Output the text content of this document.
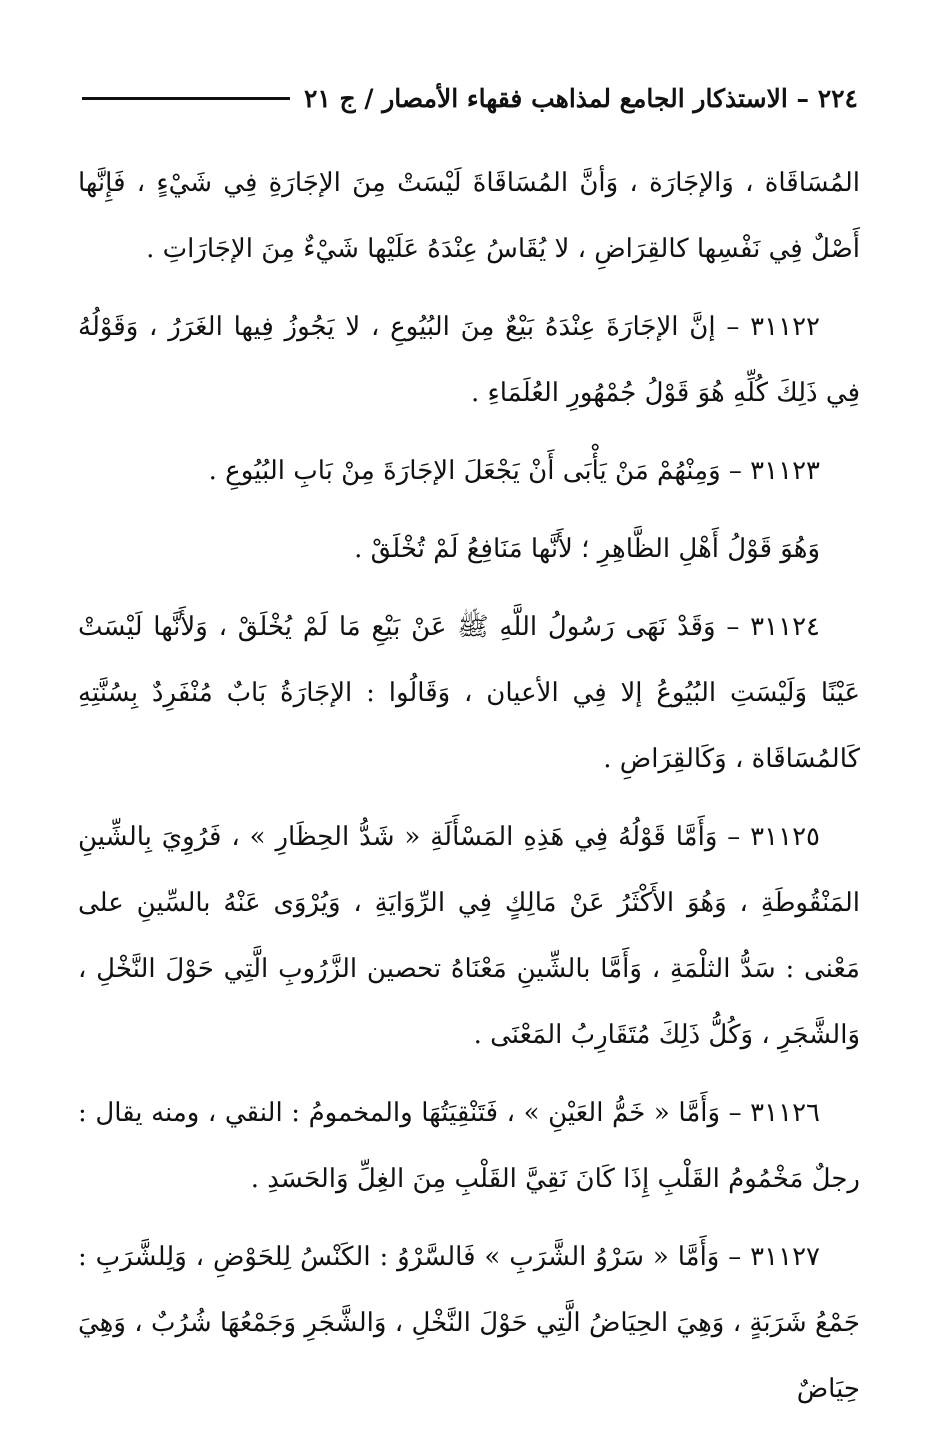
٢٢٤ – الاستذكار الجامع لمذاهب فقهاء الأمصار / ج ٢١

المُسَاقَاة ، وَالإجَارَة ، وَأنَّ المُسَاقَاةَ لَيْسَتْ مِنَ الإجَارَةِ فِي شَيْءٍ ، فَإِنَّها أَصْلٌ فِي نَفْسِها كالقِرَاضِ ، لا يُقَاسُ عِنْدَهُ عَلَيْها شَيْءٌ مِنَ الإجَارَاتِ .

٣١١٢٢ – إنَّ الإجَارَةَ عِنْدَهُ بَيْعٌ مِنَ البُيُوعِ ، لا يَجُوزُ فِيها الغَرَرُ ، وَقَوْلُهُ فِي ذَلِكَ كُلِّهِ هُوَ قَوْلُ جُمْهُورِ العُلَمَاءِ .

٣١١٢٣ – وَمِنْهُمْ مَنْ يَأْبَى أَنْ يَجْعَلَ الإجَارَةَ مِنْ بَابِ البُيُوعِ .

وَهُوَ قَوْلُ أَهْلِ الظَّاهِرِ ؛ لأَنَّها مَنَافِعُ لَمْ تُخْلَقْ .

٣١١٢٤ – وَقَدْ نَهَى رَسُولُ اللَّهِ ﷺ عَنْ بَيْعِ مَا لَمْ يُخْلَقْ ، وَلأَنَّها لَيْسَتْ عَيْنًا وَلَيْسَتِ البُيُوعُ إلا فِي الأعيان ، وَقَالُوا : الإجَارَةُ بَابٌ مُنْفَرِدٌ بِسُنَّتِهِ كَالمُسَاقَاة ، وَكَالقِرَاضِ .

٣١١٢٥ – وَأَمَّا قَوْلُهُ فِي هَذِهِ المَسْأَلَةِ « شَدُّ الحِظَارِ » ، فَرُوِيَ بِالشِّينِ المَنْقُوطَةِ ، وَهُوَ الأَكْثَرُ عَنْ مَالِكٍ فِي الرِّوَايَةِ ، وَيُرْوَى عَنْهُ بالسِّينِ على مَعْنى : سَدُّ الثلْمَةِ ، وَأَمَّا بالشِّينِ مَعْنَاهُ تحصين الزَّرُوبِ الَّتِي حَوْلَ النَّخْلِ ، وَالشَّجَرِ ، وَكُلُّ ذَلِكَ مُتَقَارِبُ المَعْنَى .

٣١١٢٦ – وَأَمَّا « خَمُّ العَيْنِ » ، فَتَنْقِيَتُهَا والمخمومُ : النقي ، ومنه يقال : رجلٌ مَخْمُومُ القَلْبِ إِذَا كَانَ نَقِيَّ القَلْبِ مِنَ الغِلِّ وَالحَسَدِ .

٣١١٢٧ – وَأَمَّا « سَرْوُ الشَّرَبِ » فَالسَّرْوُ : الكَنْسُ لِلحَوْضِ ، وَلِلشَّرَبِ : جَمْعُ شَرَبَةٍ ، وَهِيَ الحِيَاضُ الَّتِي حَوْلَ النَّخْلِ ، وَالشَّجَرِ وَجَمْعُهَا شُرُبٌ ، وَهِيَ حِيَاضٌ
